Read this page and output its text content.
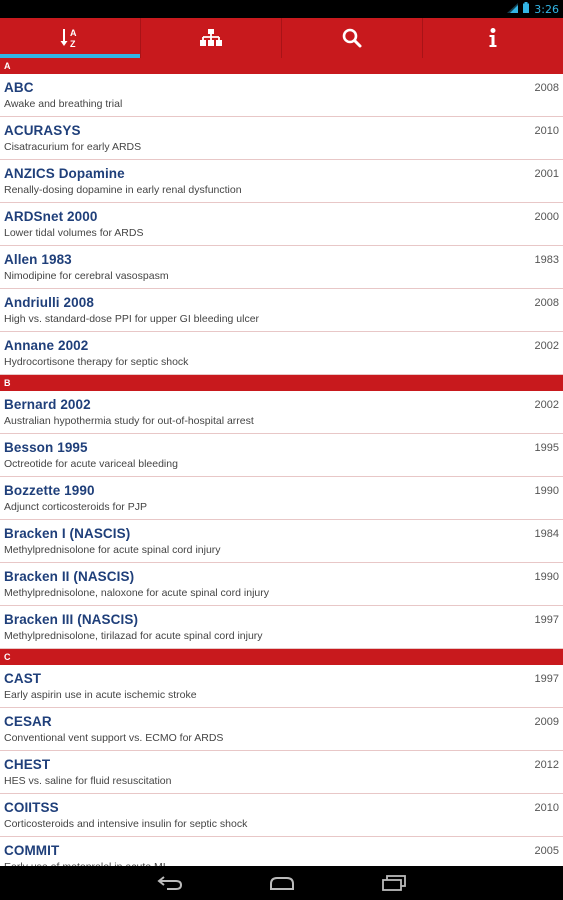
3:26
A
Z
A
ABC
Awake and breathing trial
2008
ACURASYS
Cisatracurium for early ARDS
2010
ANZICS Dopamine
Renally-dosing dopamine in early renal dysfunction
2001
ARDSnet 2000
Lower tidal volumes for ARDS
2000
Allen 1983
Nimodipine for cerebral vasospasm
1983
Andriulli 2008
High vs. standard-dose PPI for upper GI bleeding ulcer
2008
Annane 2002
Hydrocortisone therapy for septic shock
2002
B
Bernard 2002
Australian hypothermia study for out-of-hospital arrest
2002
Besson 1995
Octreotide for acute variceal bleeding
1995
Bozzette 1990
Adjunct corticosteroids for PJP
1990
Bracken I (NASCIS)
Methylprednisolone for acute spinal cord injury
1984
Bracken II (NASCIS)
Methylprednisolone, naloxone for acute spinal cord injury
1990
Bracken III (NASCIS)
Methylprednisolone, tirilazad for acute spinal cord injury
1997
C
CAST
Early aspirin use in acute ischemic stroke
1997
CESAR
Conventional vent support vs. ECMO for ARDS
2009
CHEST
HES vs. saline for fluid resuscitation
2012
COIITSS
Corticosteroids and intensive insulin for septic shock
2010
COMMIT	2005
